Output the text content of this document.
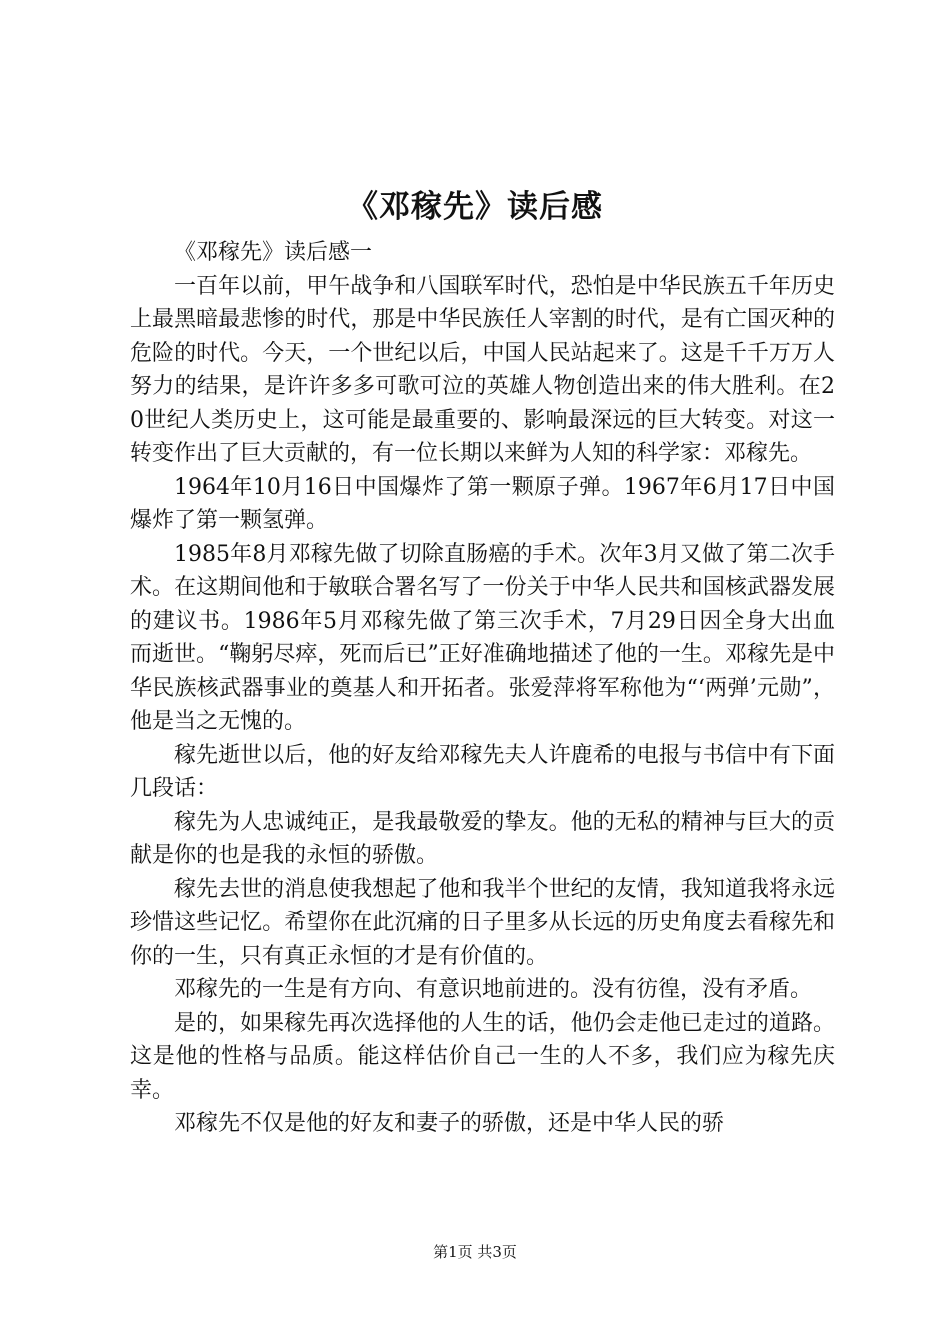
《邓稼先》读后感

《邓稼先》读后感一

一百年以前，甲午战争和八国联军时代，恐怕是中华民族五千年历史上最黑暗最悲惨的时代，那是中华民族任人宰割的时代，是有亡国灭种的危险的时代。今天，一个世纪以后，中国人民站起来了。这是千千万万人努力的结果，是许许多多可歌可泣的英雄人物创造出来的伟大胜利。在20世纪人类历史上，这可能是最重要的、影响最深远的巨大转变。对这一转变作出了巨大贡献的，有一位长期以来鲜为人知的科学家：邓稼先。

1964年10月16日中国爆炸了第一颗原子弹。1967年6月17日中国爆炸了第一颗氢弹。

1985年8月邓稼先做了切除直肠癌的手术。次年3月又做了第二次手术。在这期间他和于敏联合署名写了一份关于中华人民共和国核武器发展的建议书。1986年5月邓稼先做了第三次手术，7月29日因全身大出血而逝世。“鞠躬尽瘁，死而后已”正好准确地描述了他的一生。邓稼先是中华民族核武器事业的奠基人和开拓者。张爱萍将军称他为“‘两弹’元勋”，他是当之无愧的。

稼先逝世以后，他的好友给邓稼先夫人许鹿希的电报与书信中有下面几段话：

稼先为人忠诚纯正，是我最敬爱的挚友。他的无私的精神与巨大的贡献是你的也是我的永恒的骄傲。

稼先去世的消息使我想起了他和我半个世纪的友情，我知道我将永远珍惜这些记忆。希望你在此沉痛的日子里多从长远的历史角度去看稼先和你的一生，只有真正永恒的才是有价值的。

邓稼先的一生是有方向、有意识地前进的。没有彷徨，没有矛盾。

是的，如果稼先再次选择他的人生的话，他仍会走他已走过的道路。这是他的性格与品质。能这样估价自己一生的人不多，我们应为稼先庆幸。

邓稼先不仅是他的好友和妻子的骄傲，还是中华人民的骄

第1页 共3页
